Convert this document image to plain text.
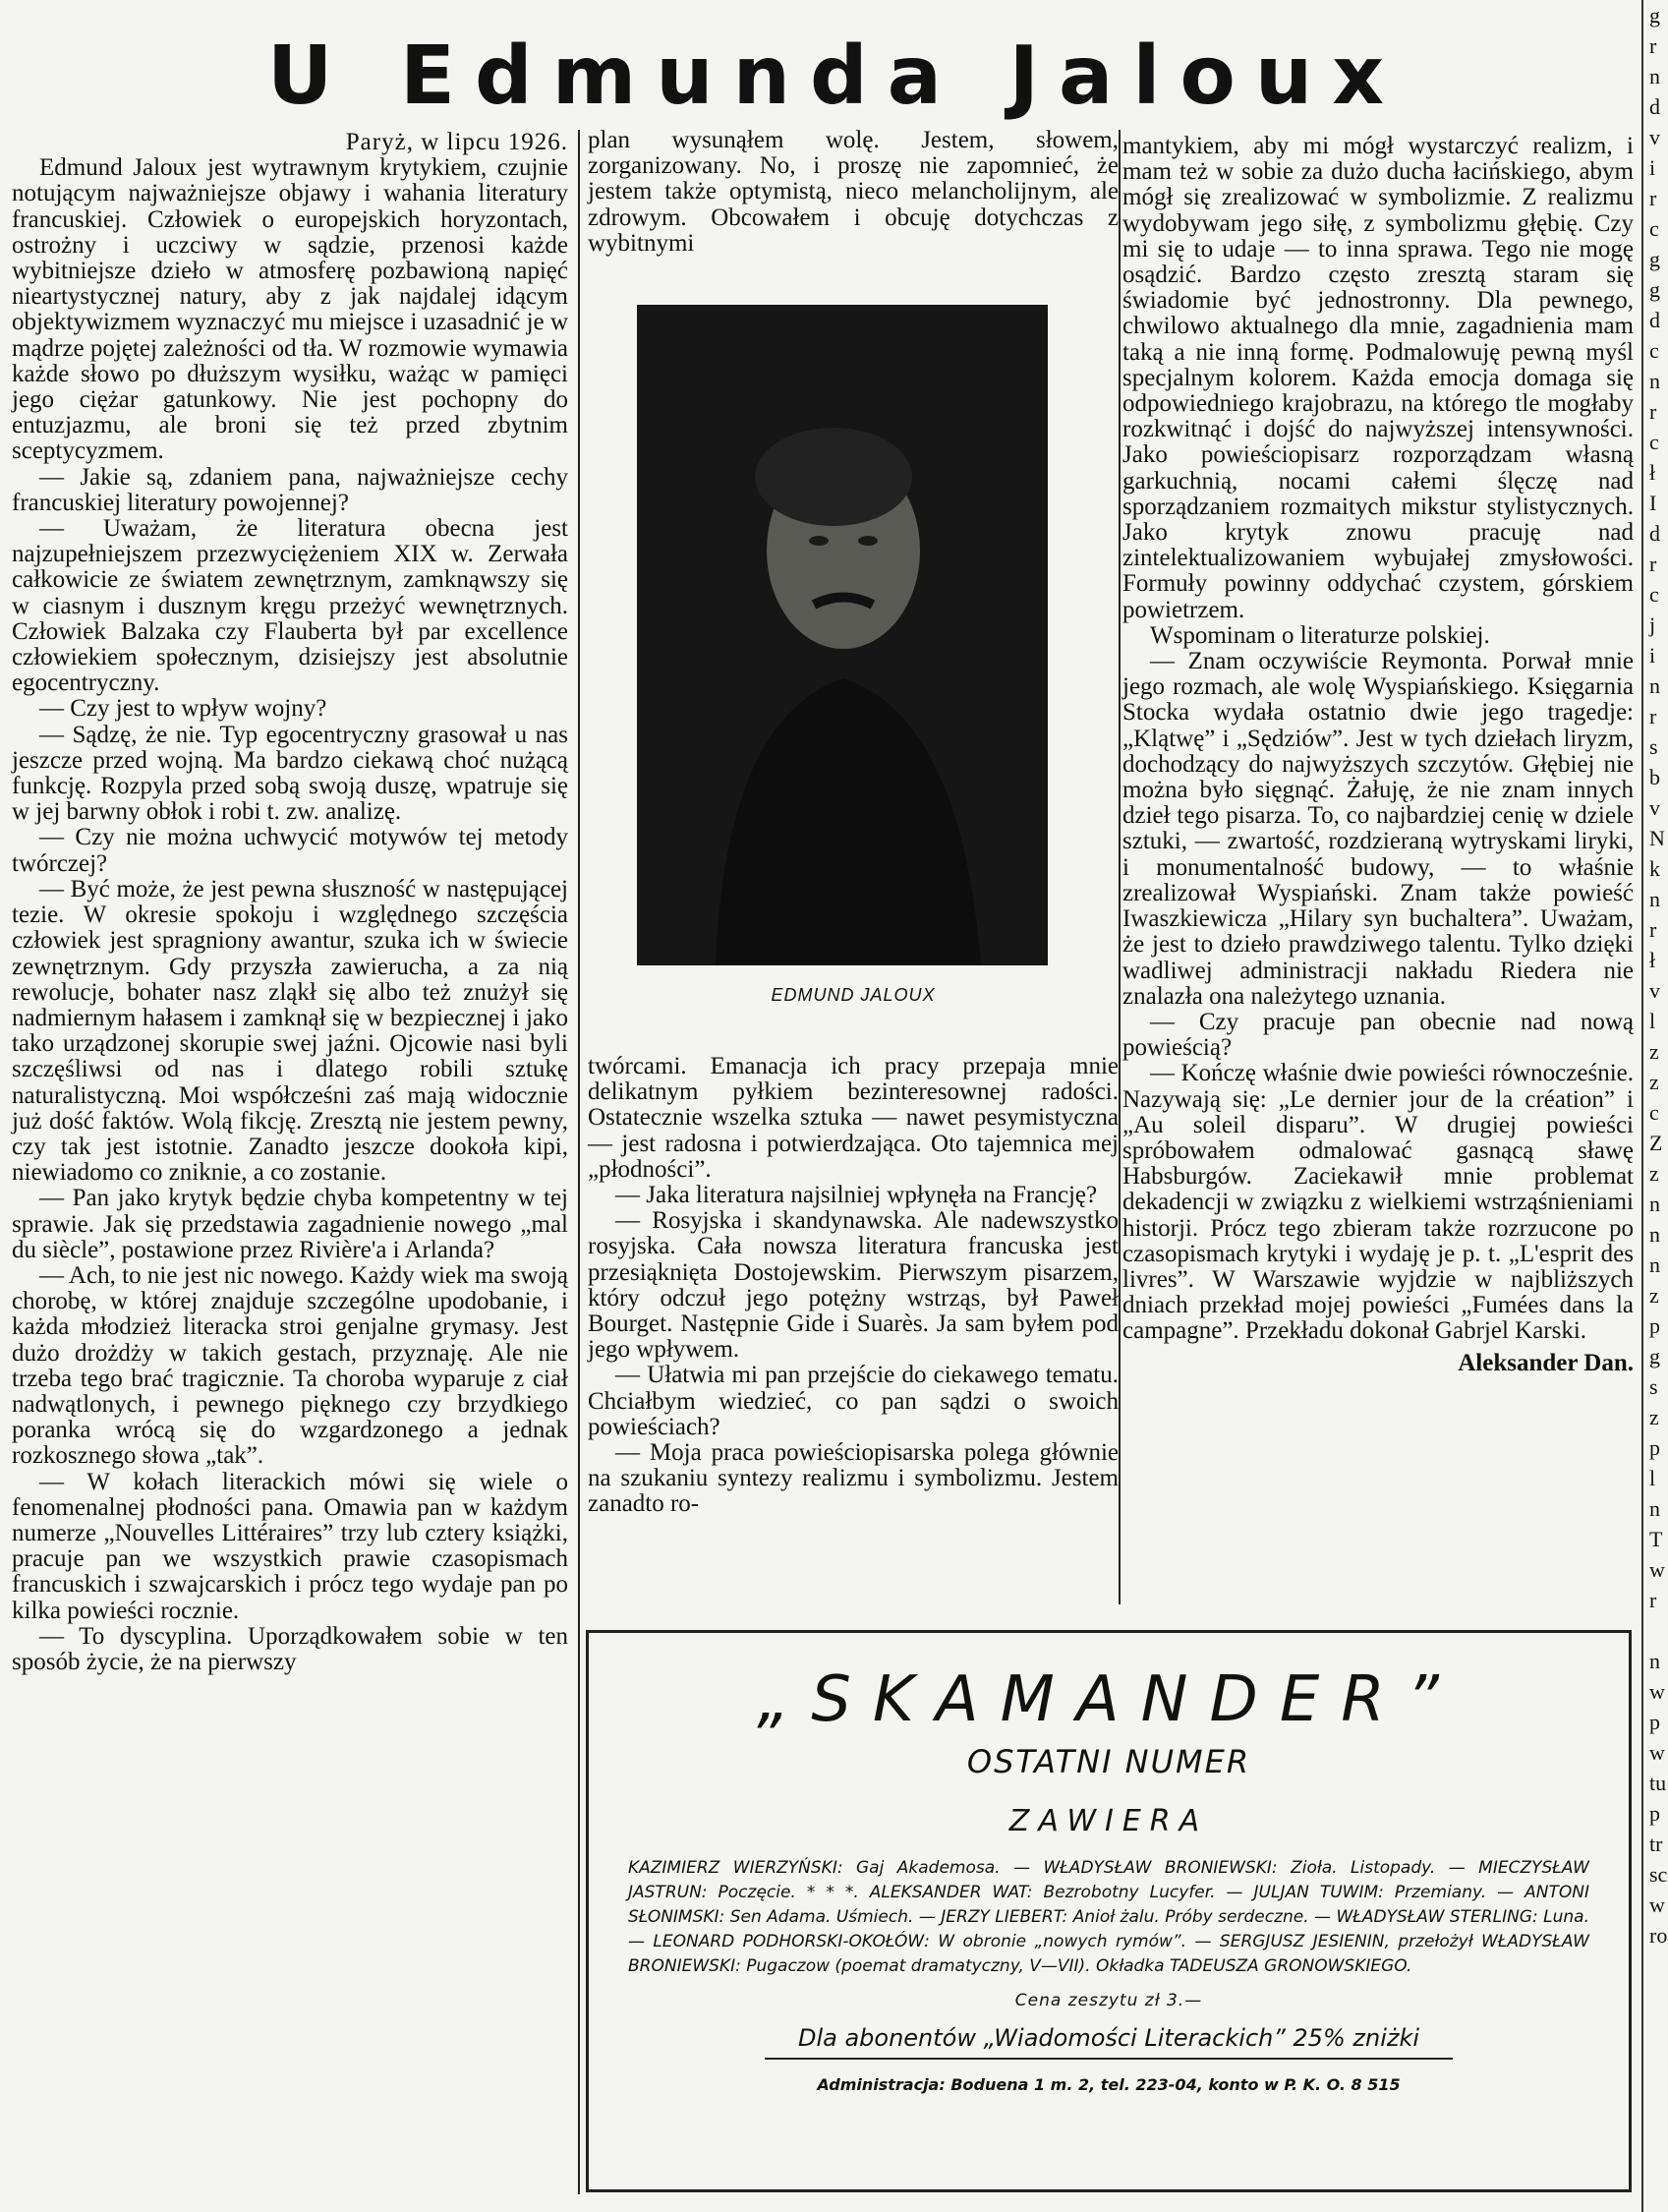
U Edmunda Jaloux

Paryż, w lipcu 1926.

Edmund Jaloux jest wytrawnym krytykiem, czujnie notującym najważniejsze objawy i wahania literatury francuskiej. Człowiek o europejskich horyzontach, ostrożny i uczciwy w sądzie, przenosi każde wybitniejsze dzieło w atmosferę pozbawioną napięć nieartystycznej natury, aby z jak najdalej idącym objektywizmem wyznaczyć mu miejsce i uzasadnić je w mądrze pojętej zależności od tła. W rozmowie wymawia każde słowo po dłuższym wysiłku, ważąc w pamięci jego ciężar gatunkowy. Nie jest pochopny do entuzjazmu, ale broni się też przed zbytnim sceptycyzmem.

— Jakie są, zdaniem pana, najważniejsze cechy francuskiej literatury powojennej?

— Uważam, że literatura obecna jest najzupełniejszem przezwyciężeniem XIX w. Zerwała całkowicie ze światem zewnętrznym, zamknąwszy się w ciasnym i dusznym kręgu przeżyć wewnętrznych. Człowiek Balzaka czy Flauberta był par excellence człowiekiem społecznym, dzisiejszy jest absolutnie egocentryczny.

— Czy jest to wpływ wojny?

— Sądzę, że nie. Typ egocentryczny grasował u nas jeszcze przed wojną. Ma bardzo ciekawą choć nużącą funkcję. Rozpyla przed sobą swoją duszę, wpatruje się w jej barwny obłok i robi t. zw. analizę.

— Czy nie można uchwycić motywów tej metody twórczej?

— Być może, że jest pewna słuszność w następującej tezie. W okresie spokoju i względnego szczęścia człowiek jest spragniony awantur, szuka ich w świecie zewnętrznym. Gdy przyszła zawierucha, a za nią rewolucje, bohater nasz zląkł się albo też znużył się nadmiernym hałasem i zamknął się w bezpiecznej i jako tako urządzonej skorupie swej jaźni. Ojcowie nasi byli szczęśliwsi od nas i dlatego robili sztukę naturalistyczną. Moi współcześni zaś mają widocznie już dość faktów. Wolą fikcję. Zresztą nie jestem pewny, czy tak jest istotnie. Zanadto jeszcze dookoła kipi, niewiadomo co zniknie, a co zostanie.

— Pan jako krytyk będzie chyba kompetentny w tej sprawie. Jak się przedstawia zagadnienie nowego „mal du siècle”, postawione przez Rivière'a i Arlanda?

— Ach, to nie jest nic nowego. Każdy wiek ma swoją chorobę, w której znajduje szczególne upodobanie, i każda młodzież literacka stroi genjalne grymasy. Jest dużo drożdży w takich gestach, przyznaję. Ale nie trzeba tego brać tragicznie. Ta choroba wyparuje z ciał nadwątlonych, i pewnego pięknego czy brzydkiego poranka wrócą się do wzgardzonego a jednak rozkosznego słowa „tak”.

— W kołach literackich mówi się wiele o fenomenalnej płodności pana. Omawia pan w każdym numerze „Nouvelles Littéraires” trzy lub cztery książki, pracuje pan we wszystkich prawie czasopismach francuskich i szwajcarskich i prócz tego wydaje pan po kilka powieści rocznie.

— To dyscyplina. Uporządkowałem sobie w ten sposób życie, że na pierwszy

plan wysunąłem wolę. Jestem, słowem, zorganizowany. No, i proszę nie zapomnieć, że jestem także optymistą, nieco melancholijnym, ale zdrowym. Obcowałem i obcuję dotychczas z wybitnymi

EDMUND JALOUX

twórcami. Emanacja ich pracy przepaja mnie delikatnym pyłkiem bezinteresownej radości. Ostatecznie wszelka sztuka — nawet pesymistyczna — jest radosna i potwierdzająca. Oto tajemnica mej „płodności”.

— Jaka literatura najsilniej wpłynęła na Francję?

— Rosyjska i skandynawska. Ale nadewszystko rosyjska. Cała nowsza literatura francuska jest przesiąknięta Dostojewskim. Pierwszym pisarzem, który odczuł jego potężny wstrząs, był Paweł Bourget. Następnie Gide i Suarès. Ja sam byłem pod jego wpływem.

— Ułatwia mi pan przejście do ciekawego tematu. Chciałbym wiedzieć, co pan sądzi o swoich powieściach?

— Moja praca powieściopisarska polega głównie na szukaniu syntezy realizmu i symbolizmu. Jestem zanadto ro-

mantykiem, aby mi mógł wystarczyć realizm, i mam też w sobie za dużo ducha łacińskiego, abym mógł się zrealizować w symbolizmie. Z realizmu wydobywam jego siłę, z symbolizmu głębię. Czy mi się to udaje — to inna sprawa. Tego nie mogę osądzić. Bardzo często zresztą staram się świadomie być jednostronny. Dla pewnego, chwilowo aktualnego dla mnie, zagadnienia mam taką a nie inną formę. Podmalowuję pewną myśl specjalnym kolorem. Każda emocja domaga się odpowiedniego krajobrazu, na którego tle mogłaby rozkwitnąć i dojść do najwyższej intensywności. Jako powieściopisarz rozporządzam własną garkuchnią, nocami całemi ślęczę nad sporządzaniem rozmaitych mikstur stylistycznych. Jako krytyk znowu pracuję nad zintelektualizowaniem wybujałej zmysłowości. Formuły powinny oddychać czystem, górskiem powietrzem.

Wspominam o literaturze polskiej.

— Znam oczywiście Reymonta. Porwał mnie jego rozmach, ale wolę Wyspiańskiego. Księgarnia Stocka wydała ostatnio dwie jego tragedje: „Klątwę” i „Sędziów”. Jest w tych dziełach liryzm, dochodzący do najwyższych szczytów. Głębiej nie można było sięgnąć. Żałuję, że nie znam innych dzieł tego pisarza. To, co najbardziej cenię w dziele sztuki, — zwartość, rozdzieraną wytryskami liryki, i monumentalność budowy, — to właśnie zrealizował Wyspiański. Znam także powieść Iwaszkiewicza „Hilary syn buchaltera”. Uważam, że jest to dzieło prawdziwego talentu. Tylko dzięki wadliwej administracji nakładu Riedera nie znalazła ona należytego uznania.

— Czy pracuje pan obecnie nad nową powieścią?

— Kończę właśnie dwie powieści równocześnie. Nazywają się: „Le dernier jour de la création” i „Au soleil disparu”. W drugiej powieści spróbowałem odmalować gasnącą sławę Habsburgów. Zaciekawił mnie problemat dekadencji w związku z wielkiemi wstrząśnieniami historji. Prócz tego zbieram także rozrzucone po czasopismach krytyki i wydaję je p. t. „L'esprit des livres”. W Warszawie wyjdzie w najbliższych dniach przekład mojej powieści „Fumées dans la campagne”. Przekładu dokonał Gabrjel Karski.

Aleksander Dan.

„SKAMANDER”
OSTATNI NUMER
ZAWIERA
KAZIMIERZ WIERZYŃSKI: Gaj Akademosa. — WŁADYSŁAW BRONIEWSKI: Zioła. Listopady. — MIECZYSŁAW JASTRUN: Poczęcie. * * *. ALEKSANDER WAT: Bezrobotny Lucyfer. — JULJAN TUWIM: Przemiany. — ANTONI SŁONIMSKI: Sen Adama. Uśmiech. — JERZY LIEBERT: Anioł żalu. Próby serdeczne. — WŁADYSŁAW STERLING: Luna. — LEONARD PODHORSKI-OKOŁÓW: W obronie „nowych rymów”. — SERGJUSZ JESIENIN, przełożył WŁADYSŁAW BRONIEWSKI: Pugaczow (poemat dramatyczny, V—VII). Okładka TADEUSZA GRONOWSKIEGO.
Cena zeszytu zł 3.—
Dla abonentów „Wiadomości Literackich” 25% zniżki
Administracja: Boduena 1 m. 2, tel. 223-04, konto w P. K. O. 8 515
g
r
n
d
v
i
r
c
g
g
d
c
n
r
c
ł
I
d
r
c
j
i
n
r
s
b
v
N
k
n
r
ł
v
l
z
z
c
Z
z
n
n
n
z
p
g
s
z
p
l
n
T
w
r

n
w
p
w
tu
p
tr
sc
w
ro
